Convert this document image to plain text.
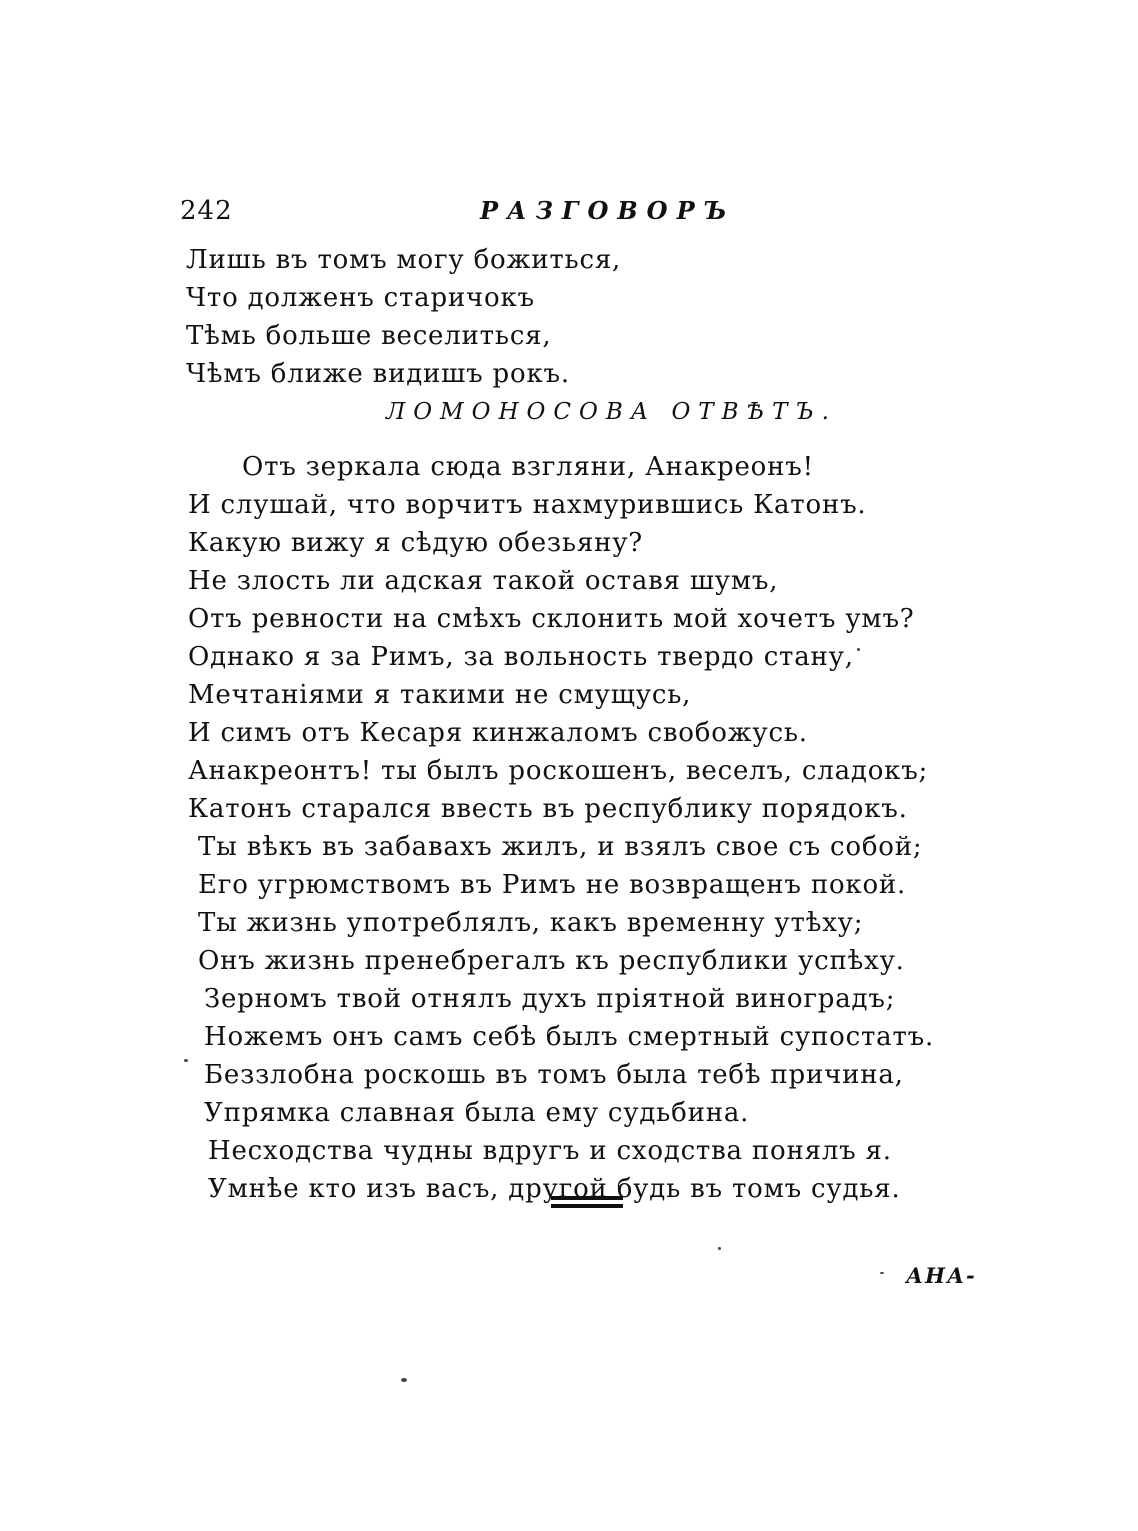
242	РАЗГОВОРЪ
Лишь въ томъ могу божиться,
Что долженъ старичокъ
Тѣмь больше веселиться,
Чѣмъ ближе видишъ рокъ.
ЛОМОНОСОВА ОТВѢТЪ.
Отъ зеркала сюда взгляни, Анакреонъ!
И слушай, что ворчитъ нахмурившись Катонъ.
Какую вижу я сѣдую обезьяну?
Не злость ли адская такой оставя шумъ,
Отъ ревности на смѣхъ склонить мой хочетъ умъ?
Однако я за Римъ, за вольность твердо стану,
Мечтаніями я такими не смущусь,
И симъ отъ Кесаря кинжаломъ свобожусь.
Анакреонтъ! ты былъ роскошенъ, веселъ, сладокъ;
Катонъ старался ввесть въ республику порядокъ.
Ты вѣкъ въ забавахъ жилъ, и взялъ свое съ собой;
Его угрюмствомъ въ Римъ не возвращенъ покой.
Ты жизнь употреблялъ, какъ временну утѣху;
Онъ жизнь пренебрегалъ къ республики успѣху.
Зерномъ твой отнялъ духъ пріятной виноградъ;
Ножемъ онъ самъ себѣ былъ смертный супостатъ.
Беззлобна роскошь въ томъ была тебѣ причина,
Упрямка славная была ему судьбина.
Несходства чудны вдругъ и сходства понялъ я.
Умнѣе кто изъ васъ, другой будь въ томъ судья.
АНА-
